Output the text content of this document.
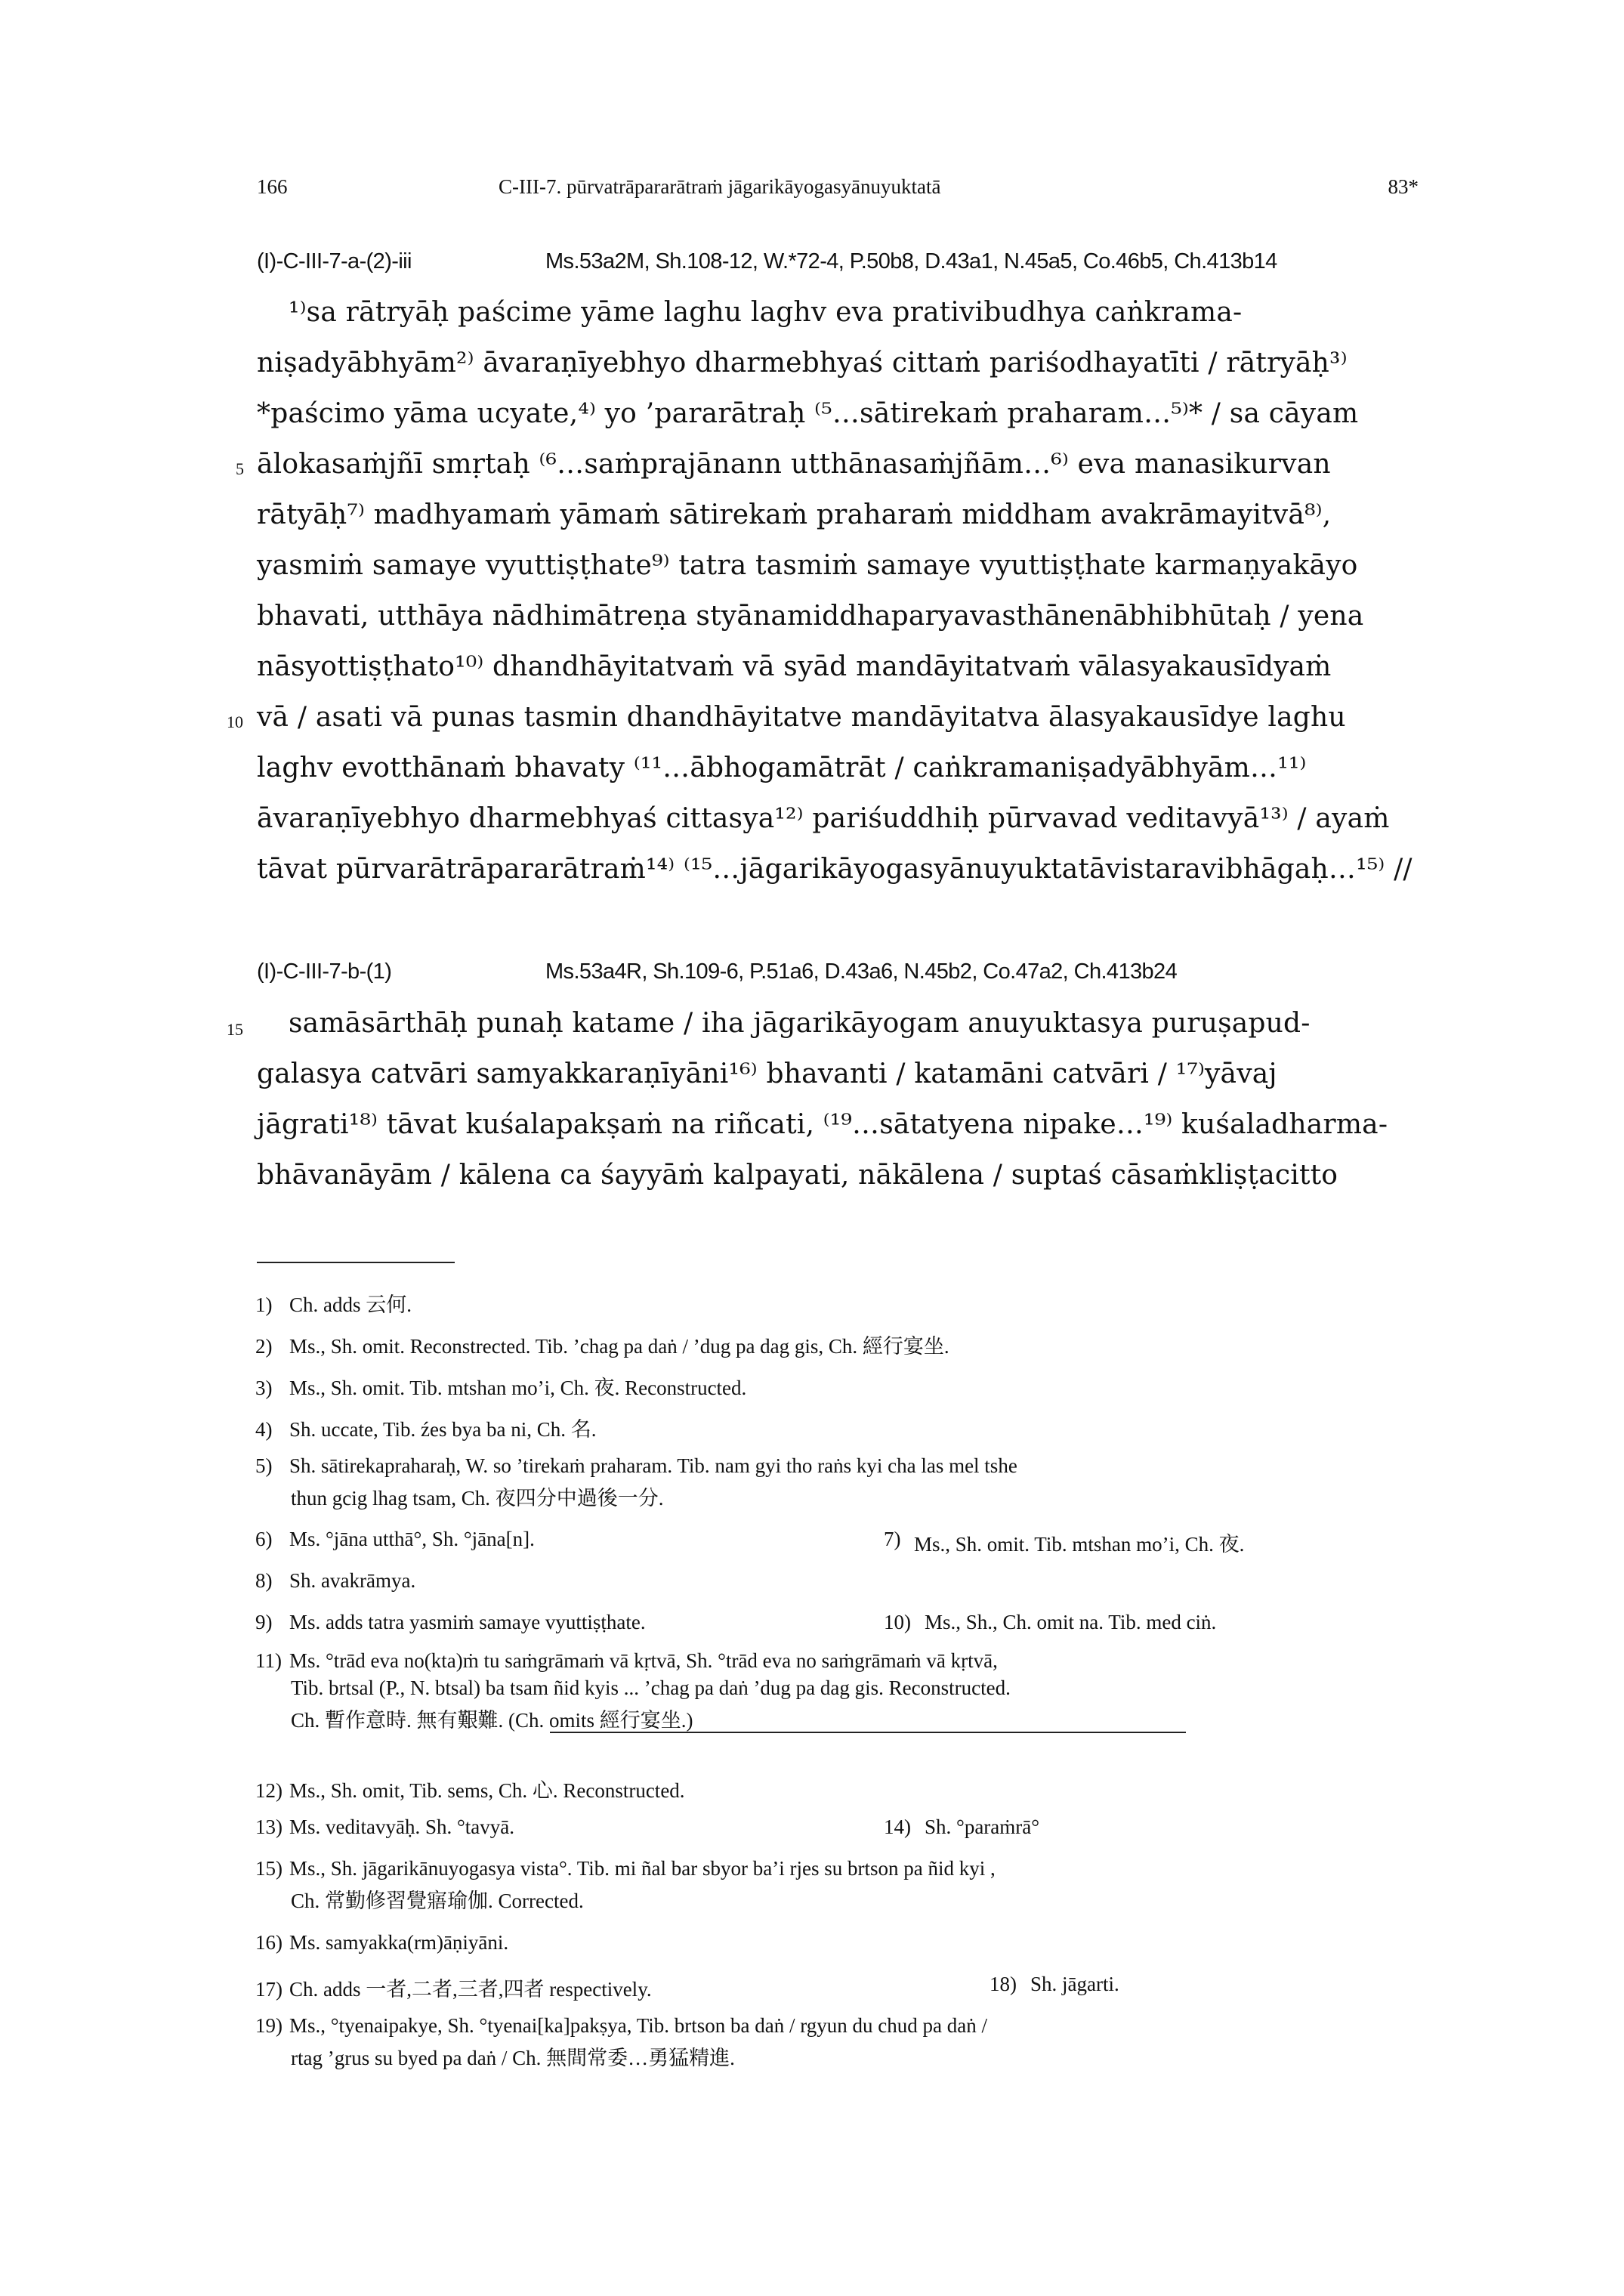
166	C-III-7. pūrvatrāpararātraṁ jāgarikāyogasyānuyuktatā	83*
(I)-C-III-7-a-(2)-iii	Ms.53a2M, Sh.108-12, W.*72-4, P.50b8, D.43a1, N.45a5, Co.46b5, Ch.413b14
¹⁾sa rātryāḥ paścime yāme laghu laghv eva prativibudhya caṅkrama-
niṣadyābhyām²⁾ āvaraṇīyebhyo dharmebhyaś cittaṁ pariśodhayatīti / rātryāḥ³⁾
*paścimo yāma ucyate,⁴⁾ yo ’pararātraḥ ⁽⁵…sātirekaṁ praharam…⁵⁾* / sa cāyam
ālokasaṁjñī smṛtaḥ ⁽⁶…saṁprajānann utthānasaṁjñām…⁶⁾ eva manasikurvan
rātyāḥ⁷⁾ madhyamaṁ yāmaṁ sātirekaṁ praharaṁ middham avakrāmayitvā⁸⁾,
yasmiṁ samaye vyuttiṣṭhate⁹⁾ tatra tasmiṁ samaye vyuttiṣṭhate karmaṇyakāyo
bhavati, utthāya nādhimātreṇa styānamiddhaparyavasthānenābhibhūtaḥ / yena
nāsyottiṣṭhato¹⁰⁾ dhandhāyitatvaṁ vā syād mandāyitatvaṁ vālasyakausīdyaṁ
vā / asati vā punas tasmin dhandhāyitatve mandāyitatva ālasyakausīdye laghu
laghv evotthānaṁ bhavaty ⁽¹¹…ābhogamātrāt / caṅkramaniṣadyābhyām…¹¹⁾
āvaraṇīyebhyo dharmebhyaś cittasya¹²⁾ pariśuddhiḥ pūrvavad veditavyā¹³⁾ / ayaṁ
tāvat pūrvarātrāpararātraṁ¹⁴⁾ ⁽¹⁵…jāgarikāyogasyānuyuktatāvistaravibhāgaḥ…¹⁵⁾ //
5
10
(I)-C-III-7-b-(1)	Ms.53a4R, Sh.109-6, P.51a6, D.43a6, N.45b2, Co.47a2, Ch.413b24
samāsārthāḥ punaḥ katame / iha jāgarikāyogam anuyuktasya puruṣapud-
galasya catvāri samyakkaraṇīyāni¹⁶⁾ bhavanti / katamāni catvāri / ¹⁷⁾yāvaj
jāgrati¹⁸⁾ tāvat kuśalapakṣaṁ na riñcati, ⁽¹⁹…sātatyena nipake…¹⁹⁾ kuśaladharma-
bhāvanāyām / kālena ca śayyāṁ kalpayati, nākālena / suptaś cāsaṁkliṣṭacitto
15
1) Ch. adds 云何.
2) Ms., Sh. omit. Reconstrected. Tib. ’chag pa daṅ / ’dug pa dag gis, Ch. 經行宴坐.
3) Ms., Sh. omit. Tib. mtshan mo’i, Ch. 夜. Reconstructed.
4) Sh. uccate, Tib. źes bya ba ni, Ch. 名.
5) Sh. sātirekapraharaḥ, W. so ’tirekaṁ praharam. Tib. nam gyi tho raṅs kyi cha las mel tshe
thun gcig lhag tsam, Ch. 夜四分中過後一分.
6) Ms. °jāna utthā°, Sh. °jāna[n].	7) Ms., Sh. omit. Tib. mtshan mo’i, Ch. 夜.
8) Sh. avakrāmya.
9) Ms. adds tatra yasmiṁ samaye vyuttiṣṭhate.	10) Ms., Sh., Ch. omit na. Tib. med ciṅ.
11) Ms. °trād eva no(kta)ṁ tu saṁgrāmaṁ vā kṛtvā, Sh. °trād eva no saṁgrāmaṁ vā kṛtvā,
Tib. brtsal (P., N. btsal) ba tsam ñid kyis ... ’chag pa daṅ ’dug pa dag gis. Reconstructed.
Ch. 暫作意時. 無有艱難. (Ch. omits 經行宴坐.)
12) Ms., Sh. omit, Tib. sems, Ch. 心. Reconstructed.
13) Ms. veditavyāḥ. Sh. °tavyā.	14) Sh. °paraṁrā°
15) Ms., Sh. jāgarikānuyogasya vista°. Tib. mi ñal bar sbyor ba’i rjes su brtson pa ñid kyi ,
Ch. 常勤修習覺寤瑜伽. Corrected.
16) Ms. samyakka(rm)āṇiyāni.
17) Ch. adds 一者,二者,三者,四者 respectively.	18) Sh. jāgarti.
19) Ms., °tyenaipakye, Sh. °tyenai[ka]pakṣya, Tib. brtson ba daṅ / rgyun du chud pa daṅ /
rtag ’grus su byed pa daṅ / Ch. 無間常委…勇猛精進.
